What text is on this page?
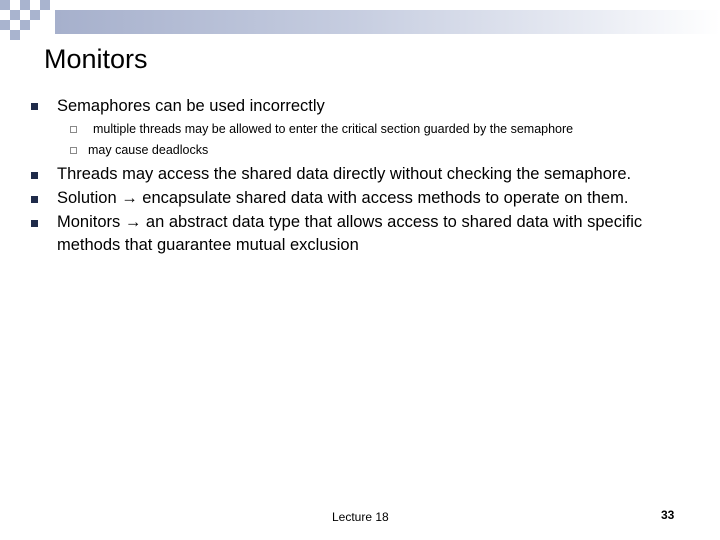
Monitors
Semaphores can be used incorrectly
multiple threads may be allowed to enter the critical section guarded by the semaphore
may cause deadlocks
Threads may access the shared data directly without checking the semaphore.
Solution → encapsulate shared data with access methods to operate on them.
Monitors → an abstract data type that allows access to shared data with specific methods that guarantee mutual exclusion
Lecture 18	33
